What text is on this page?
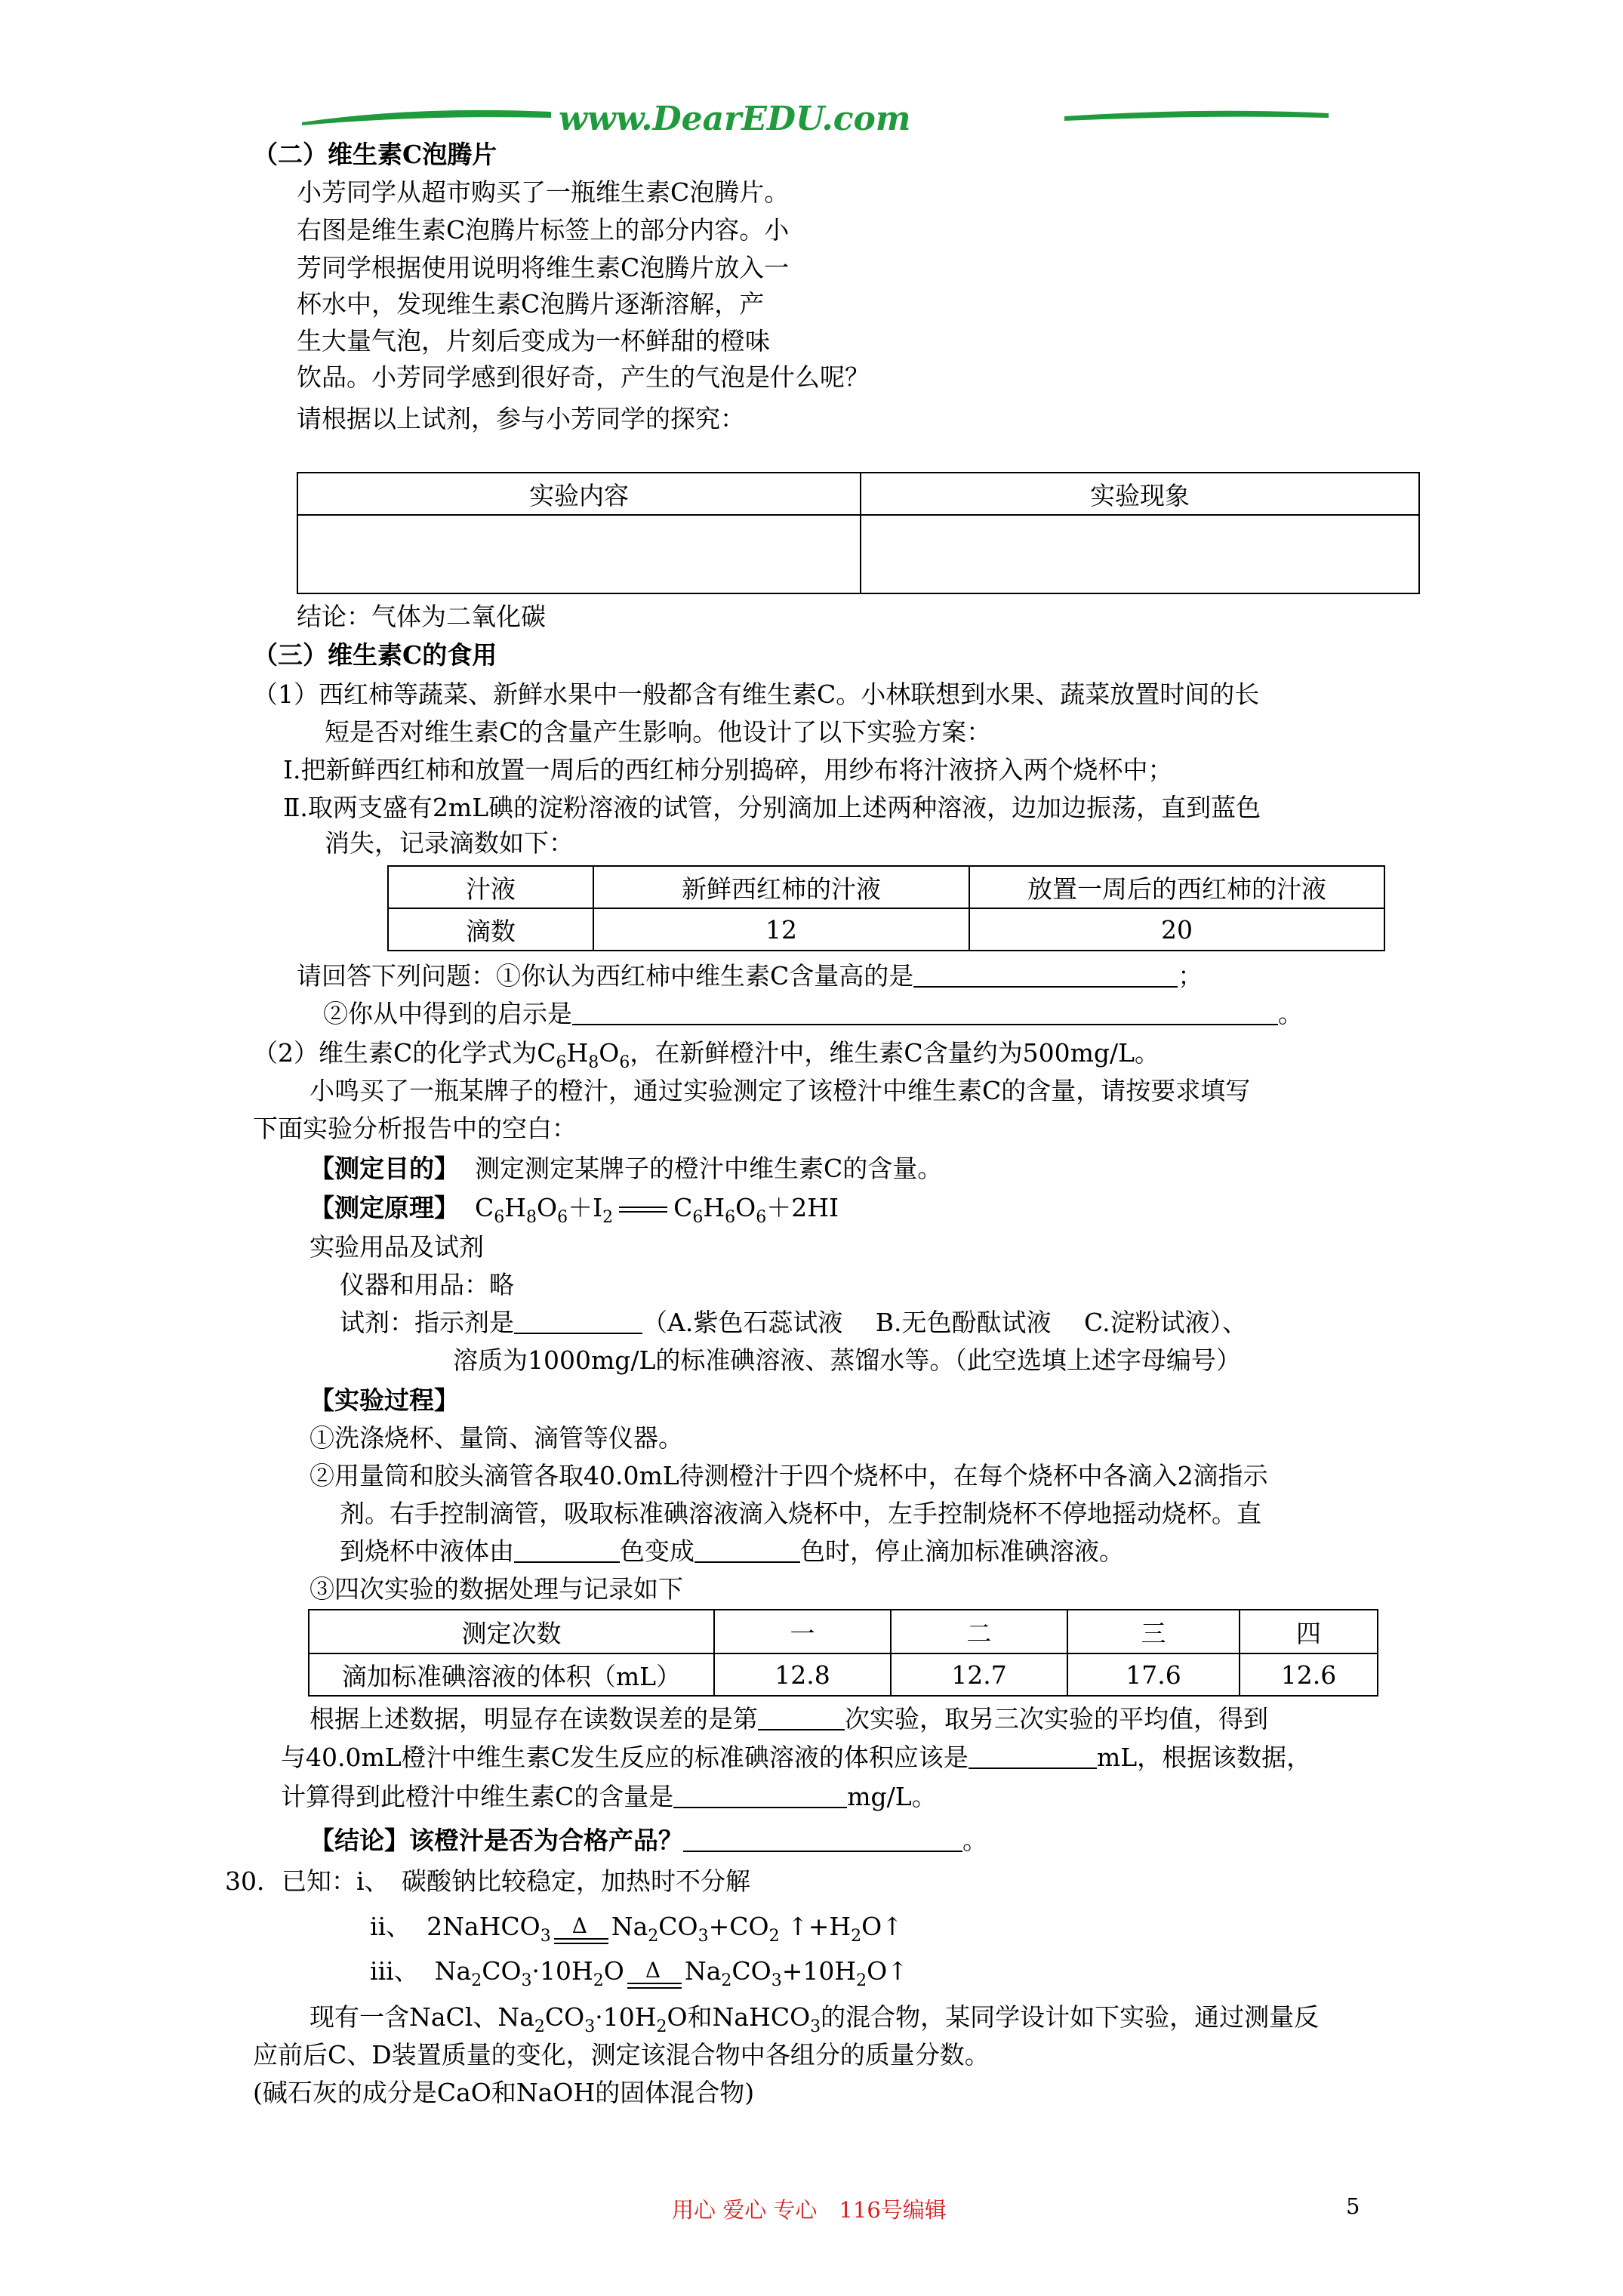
www.DearEDU.com
（二）维生素C泡腾片
小芳同学从超市购买了一瓶维生素C泡腾片。
右图是维生素C泡腾片标签上的部分内容。小
芳同学根据使用说明将维生素C泡腾片放入一
杯水中，发现维生素C泡腾片逐渐溶解，产
生大量气泡，片刻后变成为一杯鲜甜的橙味
饮品。小芳同学感到很好奇，产生的气泡是什么呢？
请根据以上试剂，参与小芳同学的探究：
实验内容	实验现象

结论：气体为二氧化碳
（三）维生素C的食用
（1）西红柿等蔬菜、新鲜水果中一般都含有维生素C。小林联想到水果、蔬菜放置时间的长
短是否对维生素C的含量产生影响。他设计了以下实验方案：
Ⅰ.把新鲜西红柿和放置一周后的西红柿分别捣碎，用纱布将汁液挤入两个烧杯中；
Ⅱ.取两支盛有2mL碘的淀粉溶液的试管，分别滴加上述两种溶液，边加边振荡，直到蓝色
消失，记录滴数如下：
汁液	新鲜西红柿的汁液	放置一周后的西红柿的汁液
滴数	12	20
请回答下列问题：①你认为西红柿中维生素C含量高的是	；
②你从中得到的启示是	。
（2）维生素C的化学式为$C_6H_8O_6$，在新鲜橙汁中，维生素C含量约为500mg/L。
小鸣买了一瓶某牌子的橙汁，通过实验测定了该橙汁中维生素C的含量，请按要求填写
下面实验分析报告中的空白：
【测定目的】 测定测定某牌子的橙汁中维生素C的含量。
【测定原理】 $C_6H_8O_6+I_2$ $C_6H_6O_6+2HI$
实验用品及试剂
仪器和用品：略
试剂：指示剂是	（A.紫色石蕊试液　 B.无色酚酞试液　 C.淀粉试液）、
溶质为1000mg/L的标准碘溶液、蒸馏水等。（此空选填上述字母编号）
【实验过程】
①洗涤烧杯、量筒、滴管等仪器。
②用量筒和胶头滴管各取40.0mL待测橙汁于四个烧杯中，在每个烧杯中各滴入2滴指示
剂。右手控制滴管，吸取标准碘溶液滴入烧杯中，左手控制烧杯不停地摇动烧杯。直
到烧杯中液体由	色变成	色时，停止滴加标准碘溶液。
③四次实验的数据处理与记录如下
测定次数	一	二	三	四
滴加标准碘溶液的体积（mL）	12.8	12.7	17.6	12.6
根据上述数据，明显存在读数误差的是第	次实验，取另三次实验的平均值，得到
与40.0mL橙汁中维生素C发生反应的标准碘溶液的体积应该是	mL，根据该数据，
计算得到此橙汁中维生素C的含量是	mg/L。
【结论】该橙汁是否为合格产品？	。
30．已知：ⅰ、　碳酸钠比较稳定，加热时不分解
ⅱ、 2NaHCO$_3$ Δ $Na_2CO_3+CO_2$ $↑+H_2O↑$
ⅲ、 $Na_2CO_3\cdot 10H_2O$ Δ $Na_2CO_3+10H_2O↑$
现有一含NaCl、$Na_2CO_3\cdot 10H_2O$和NaHCO$_3$的混合物，某同学设计如下实验，通过测量反
应前后C、D装置质量的变化，测定该混合物中各组分的质量分数。
(碱石灰的成分是CaO和NaOH的固体混合物)
用心 爱心 专心　116号编辑	5
